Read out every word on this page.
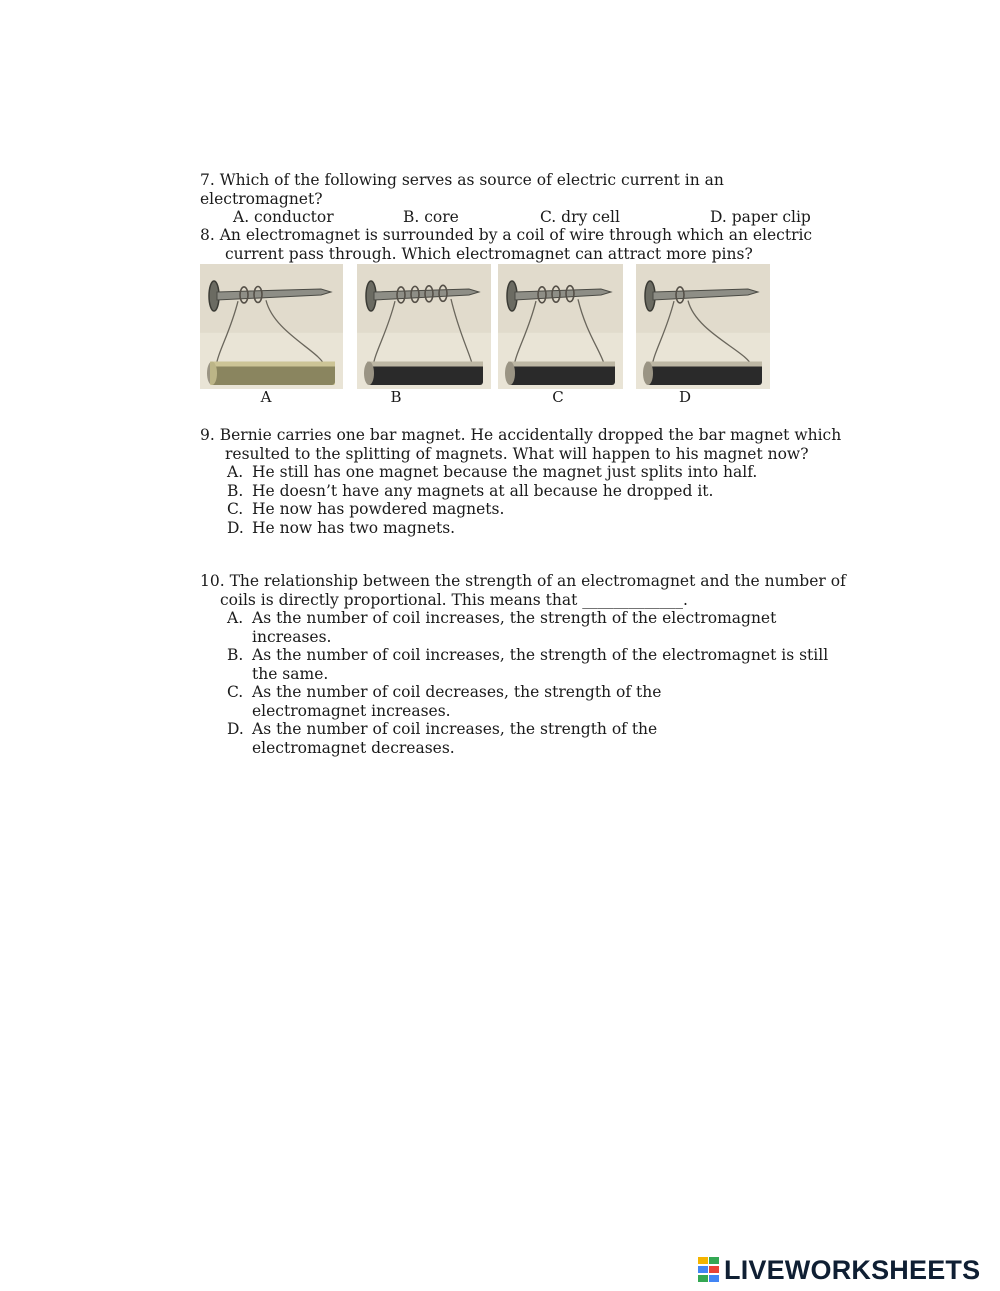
7. Which of the following serves as source of electric current in an electromagnet?

A. conductor	B. core	C. dry cell	D. paper clip

8. An electromagnet is surrounded by a coil of wire through which an electric

current pass through. Which electromagnet can attract more pins?

A	B	C	D

9. Bernie carries one bar magnet. He accidentally dropped the bar magnet which

resulted to the splitting of magnets. What will happen to his magnet now?

A. He still has one magnet because the magnet just splits into half.
B. He doesn’t have any magnets at all because he dropped it.
C. He now has powdered magnets.
D. He now has two magnets.

10. The relationship between the strength of an electromagnet and the number of

coils is directly proportional. This means that _____________.

A. As the number of coil increases, the strength of the electromagnet increases.
B. As the number of coil increases, the strength of the electromagnet is still the same.
C. As the number of coil decreases, the strength of the electromagnet increases.
D. As the number of coil increases, the strength of the electromagnet decreases.
LIVEWORKSHEETS
